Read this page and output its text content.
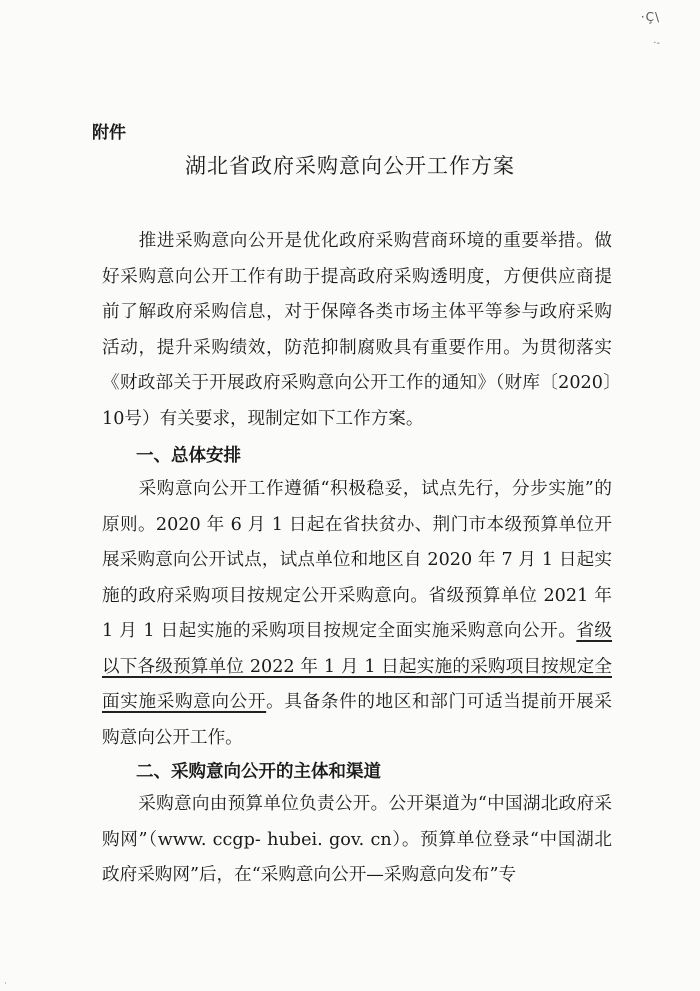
·Ç\
·-
附件
湖北省政府采购意向公开工作方案
推进采购意向公开是优化政府采购营商环境的重要举措。做好采购意向公开工作有助于提高政府采购透明度，方便供应商提前了解政府采购信息，对于保障各类市场主体平等参与政府采购活动，提升采购绩效，防范抑制腐败具有重要作用。为贯彻落实《财政部关于开展政府采购意向公开工作的通知》（财库〔2020〕10号）有关要求，现制定如下工作方案。
一、总体安排
采购意向公开工作遵循“积极稳妥，试点先行，分步实施”的原则。2020 年 6 月 1 日起在省扶贫办、荆门市本级预算单位开展采购意向公开试点，试点单位和地区自 2020 年 7 月 1 日起实施的政府采购项目按规定公开采购意向。省级预算单位 2021 年 1 月 1 日起实施的采购项目按规定全面实施采购意向公开。省级以下各级预算单位 2022 年 1 月 1 日起实施的采购项目按规定全面实施采购意向公开。具备条件的地区和部门可适当提前开展采购意向公开工作。
二、采购意向公开的主体和渠道
采购意向由预算单位负责公开。公开渠道为“中国湖北政府采购网”（www. ccgp- hubei. gov. cn）。预算单位登录“中国湖北政府采购网”后，在“采购意向公开—采购意向发布”专
·
